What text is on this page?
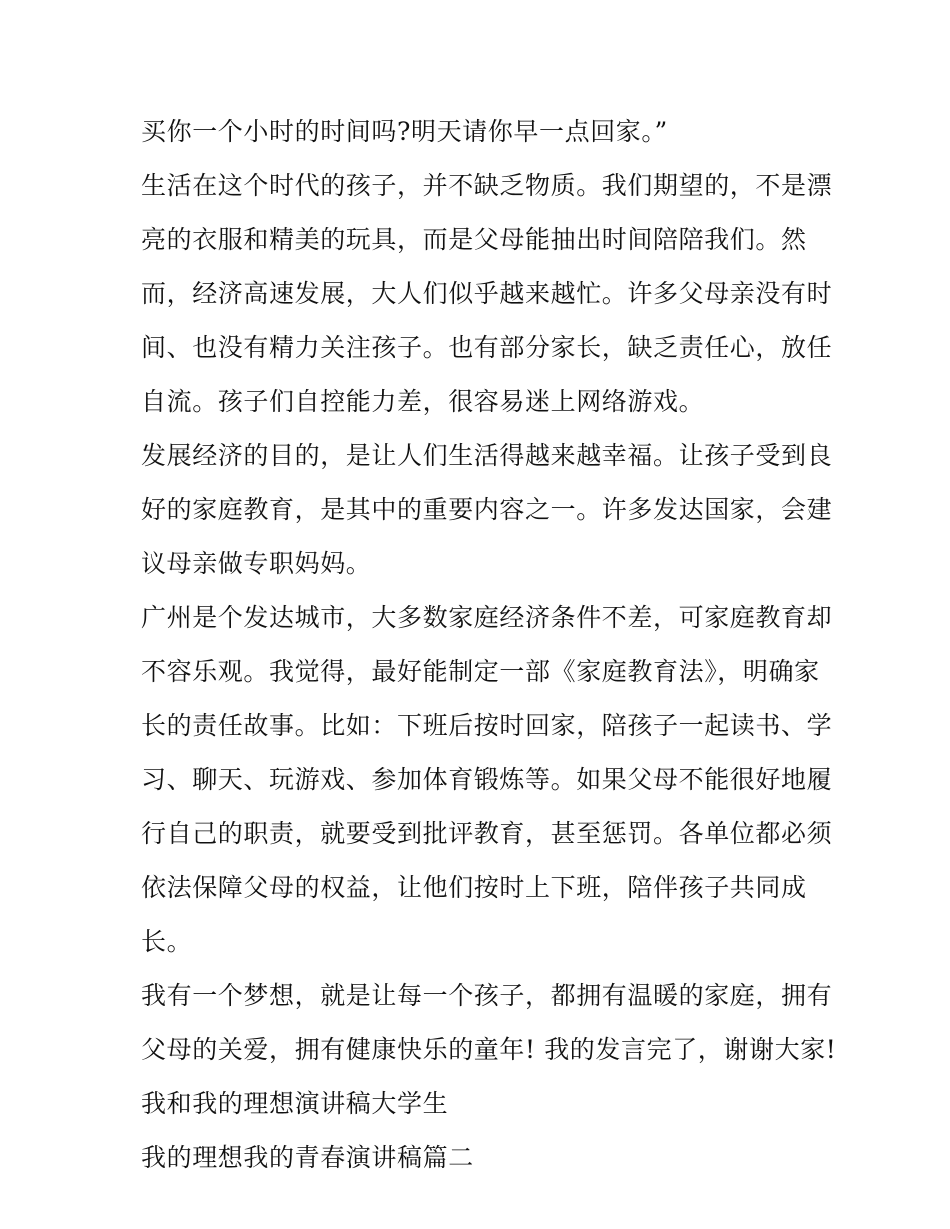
买你一个小时的时间吗?明天请你早一点回家。”
生活在这个时代的孩子，并不缺乏物质。我们期望的，不是漂
亮的衣服和精美的玩具，而是父母能抽出时间陪陪我们。然
而，经济高速发展，大人们似乎越来越忙。许多父母亲没有时
间、也没有精力关注孩子。也有部分家长，缺乏责任心，放任
自流。孩子们自控能力差，很容易迷上网络游戏。
发展经济的目的，是让人们生活得越来越幸福。让孩子受到良
好的家庭教育，是其中的重要内容之一。许多发达国家，会建
议母亲做专职妈妈。
广州是个发达城市，大多数家庭经济条件不差，可家庭教育却
不容乐观。我觉得，最好能制定一部《家庭教育法》，明确家
长的责任故事。比如：下班后按时回家，陪孩子一起读书、学
习、聊天、玩游戏、参加体育锻炼等。如果父母不能很好地履
行自己的职责，就要受到批评教育，甚至惩罚。各单位都必须
依法保障父母的权益，让他们按时上下班，陪伴孩子共同成
长。
我有一个梦想，就是让每一个孩子，都拥有温暖的家庭，拥有
父母的关爱，拥有健康快乐的童年! 我的发言完了，谢谢大家!
我和我的理想演讲稿大学生
我的理想我的青春演讲稿篇二
